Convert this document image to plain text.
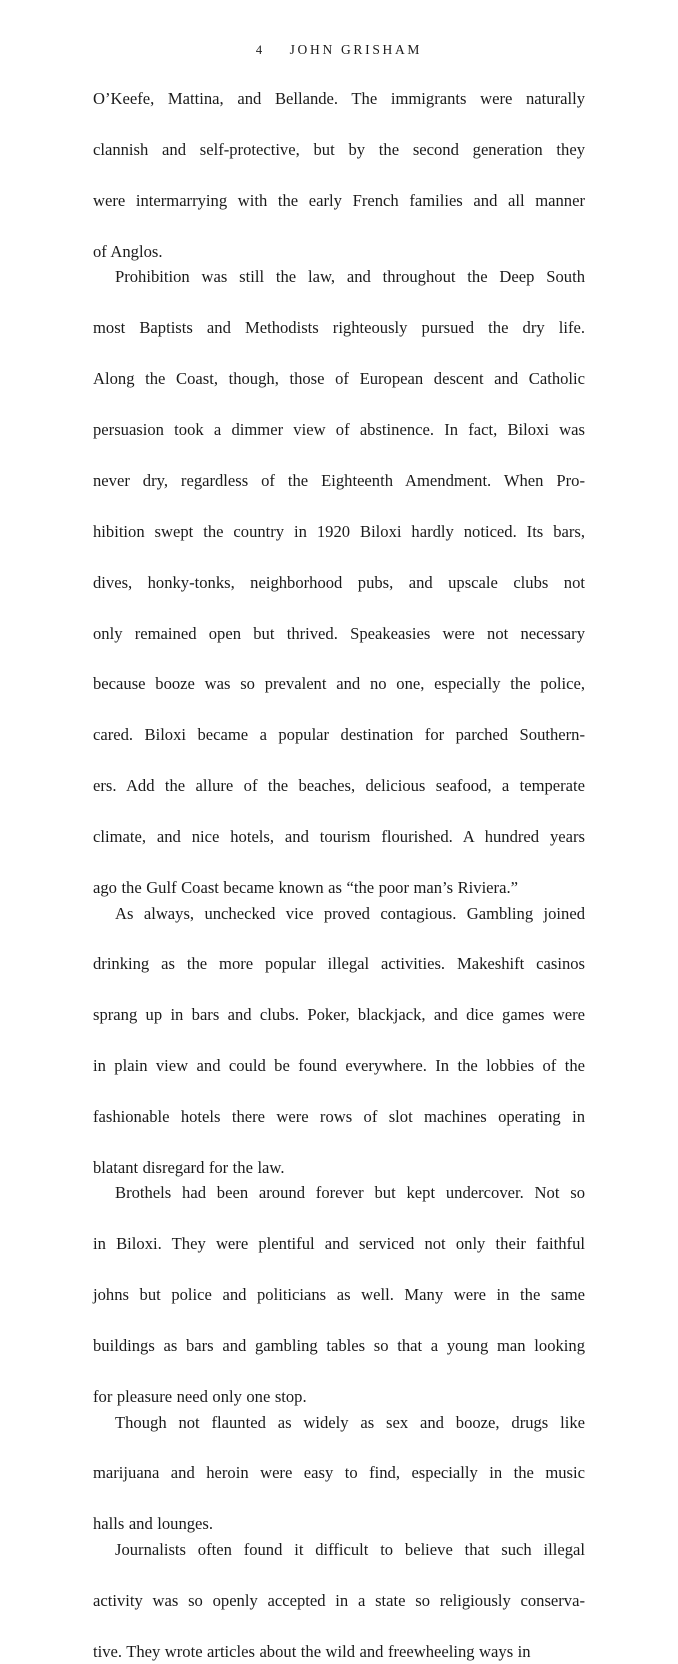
4 JOHN GRISHAM

O’Keefe, Mattina, and Bellande. The immigrants were naturally
clannish and self-protective, but by the second generation they
were intermarrying with the early French families and all manner
of Anglos.

Prohibition was still the law, and throughout the Deep South
most Baptists and Methodists righteously pursued the dry life.
Along the Coast, though, those of European descent and Catholic
persuasion took a dimmer view of abstinence. In fact, Biloxi was
never dry, regardless of the Eighteenth Amendment. When Pro-
hibition swept the country in 1920 Biloxi hardly noticed. Its bars,
dives, honky-tonks, neighborhood pubs, and upscale clubs not
only remained open but thrived. Speakeasies were not necessary
because booze was so prevalent and no one, especially the police,
cared. Biloxi became a popular destination for parched Southern-
ers. Add the allure of the beaches, delicious seafood, a temperate
climate, and nice hotels, and tourism flourished. A hundred years
ago the Gulf Coast became known as “the poor man’s Riviera.”

As always, unchecked vice proved contagious. Gambling joined
drinking as the more popular illegal activities. Makeshift casinos
sprang up in bars and clubs. Poker, blackjack, and dice games were
in plain view and could be found everywhere. In the lobbies of the
fashionable hotels there were rows of slot machines operating in
blatant disregard for the law.

Brothels had been around forever but kept undercover. Not so
in Biloxi. They were plentiful and serviced not only their faithful
johns but police and politicians as well. Many were in the same
buildings as bars and gambling tables so that a young man looking
for pleasure need only one stop.

Though not flaunted as widely as sex and booze, drugs like
marijuana and heroin were easy to find, especially in the music
halls and lounges.

Journalists often found it difficult to believe that such illegal
activity was so openly accepted in a state so religiously conserva-
tive. They wrote articles about the wild and freewheeling ways in
